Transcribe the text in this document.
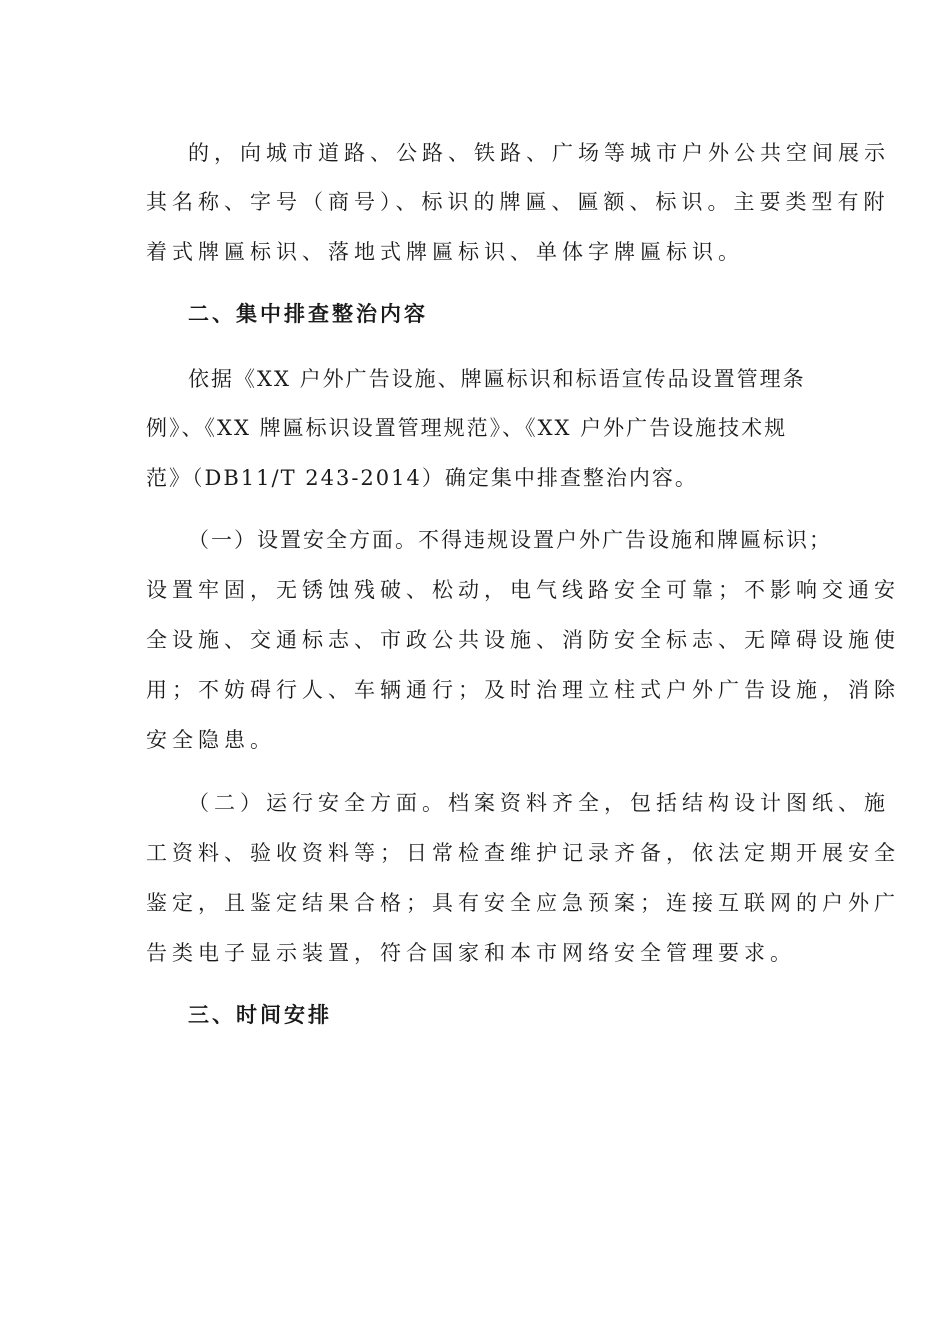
的，向城市道路、公路、铁路、广场等城市户外公共空间展示
其名称、字号（商号）、标识的牌匾、匾额、标识。主要类型有附
着式牌匾标识、落地式牌匾标识、单体字牌匾标识。
二、集中排查整治内容
依据《XX 户外广告设施、牌匾标识和标语宣传品设置管理条
例》、《XX 牌匾标识设置管理规范》、《XX 户外广告设施技术规
范》（DB11/T 243-2014）确定集中排查整治内容。
（一）设置安全方面。不得违规设置户外广告设施和牌匾标识；
设置牢固，无锈蚀残破、松动，电气线路安全可靠；不影响交通安
全设施、交通标志、市政公共设施、消防安全标志、无障碍设施使
用；不妨碍行人、车辆通行；及时治理立柱式户外广告设施，消除
安全隐患。
（二）运行安全方面。档案资料齐全，包括结构设计图纸、施
工资料、验收资料等；日常检查维护记录齐备，依法定期开展安全
鉴定，且鉴定结果合格；具有安全应急预案；连接互联网的户外广
告类电子显示装置，符合国家和本市网络安全管理要求。
三、时间安排
